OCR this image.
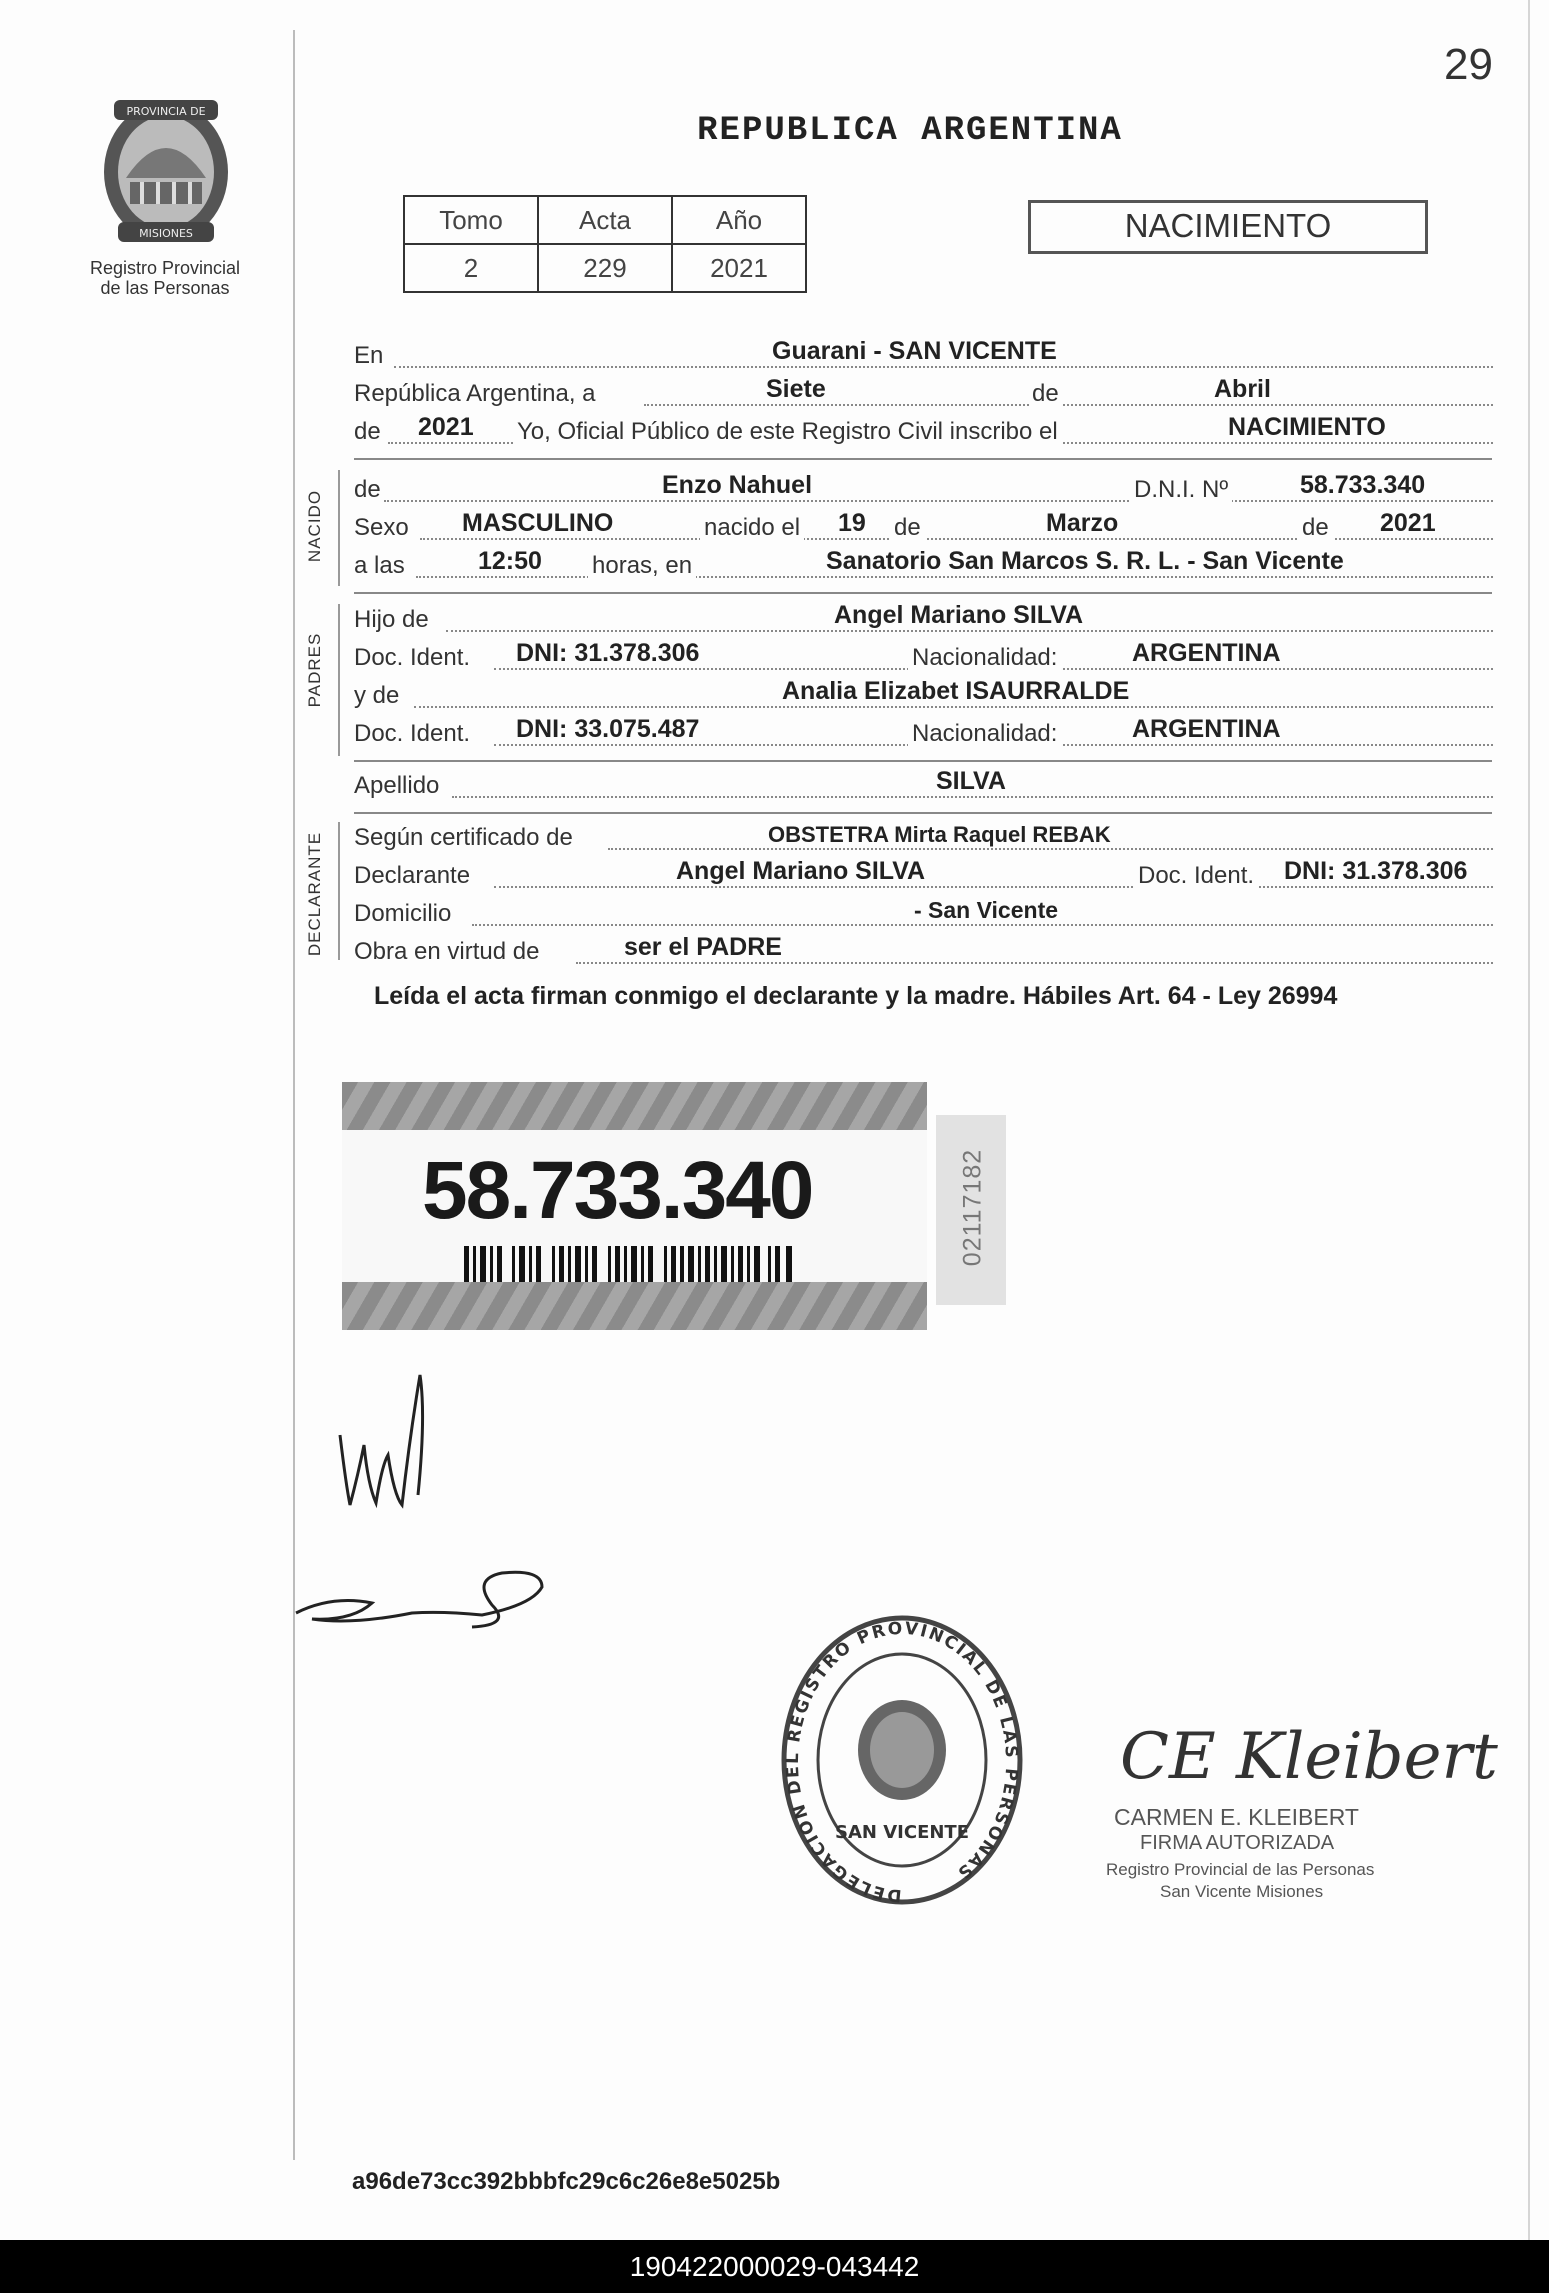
29
PROVINCIA DE
MISIONES
Registro Provincial
de las Personas
REPUBLICA ARGENTINA
Tomo	Acta	Año
2	229	2021
NACIMIENTO
En	Guarani - SAN VICENTE
República Argentina, a	Siete	de	Abril
de 2021 Yo, Oficial Público de este Registro Civil inscribo el	NACIMIENTO
NACIDO
de	Enzo Nahuel	D.N.I. Nº	58.733.340
Sexo MASCULINO	nacido el 19 de	Marzo	de 2021
a las	12:50 horas, en	Sanatorio San Marcos S. R. L. - San Vicente
PADRES
Hijo de	Angel Mariano SILVA
Doc. Ident. DNI: 31.378.306	Nacionalidad:	ARGENTINA
y de	Analia Elizabet ISAURRALDE
Doc. Ident. DNI: 33.075.487	Nacionalidad:	ARGENTINA
Apellido	SILVA
DECLARANTE Según certificado de	OBSTETRA Mirta Raquel REBAK
Declarante	Angel Mariano SILVA	Doc. Ident. DNI: 31.378.306
Domicilio	- San Vicente
Obra en virtud de	ser el PADRE
Leída el acta firman conmigo el declarante y la madre. Hábiles Art. 64 - Ley 26994
58.733.340	02117182
DELEGACION DEL REGISTRO PROVINCIAL DE LAS PERSONAS
SAN VICENTE
CE Kleibert
CARMEN E. KLEIBERT
FIRMA AUTORIZADA
Registro Provincial de las Personas
San Vicente Misiones
a96de73cc392bbbfc29c6c26e8e5025b
190422000029-043442
